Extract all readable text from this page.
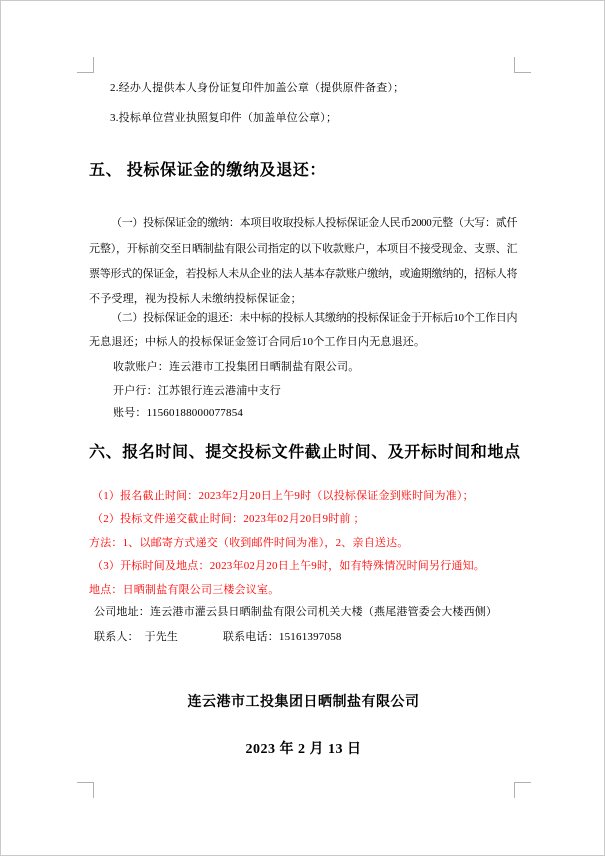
2.经办人提供本人身份证复印件加盖公章（提供原件备查）；
3.投标单位营业执照复印件（加盖单位公章）；
五、 投标保证金的缴纳及退还：
（一）投标保证金的缴纳：本项目收取投标人投标保证金人民币2000元整（大写：贰仟
元整），开标前交至日晒制盐有限公司指定的以下收款账户，本项目不接受现金、支票、汇
票等形式的保证金，若投标人未从企业的法人基本存款账户缴纳，或逾期缴纳的，招标人将
不予受理，视为投标人未缴纳投标保证金；
（二）投标保证金的退还：未中标的投标人其缴纳的投标保证金于开标后10个工作日内
无息退还；中标人的投标保证金签订合同后10个工作日内无息退还。
收款账户：连云港市工投集团日晒制盐有限公司。
开户行：江苏银行连云港浦中支行
账号：11560188000077854
六、报名时间、提交投标文件截止时间、及开标时间和地点
（1）报名截止时间：2023年2月20日上午9时（以投标保证金到账时间为准）；
（2）投标文件递交截止时间：2023年02月20日9时前 ；
方法：1、以邮寄方式递交（收到邮件时间为准），2、亲自送达。
（3）开标时间及地点：2023年02月20日上午9时，如有特殊情况时间另行通知。
地点：日晒制盐有限公司三楼会议室。
公司地址：连云港市灌云县日晒制盐有限公司机关大楼（燕尾港管委会大楼西侧）
联系人：　于先生　　　　联系电话：15161397058
连云港市工投集团日晒制盐有限公司
2023 年 2 月 13 日
